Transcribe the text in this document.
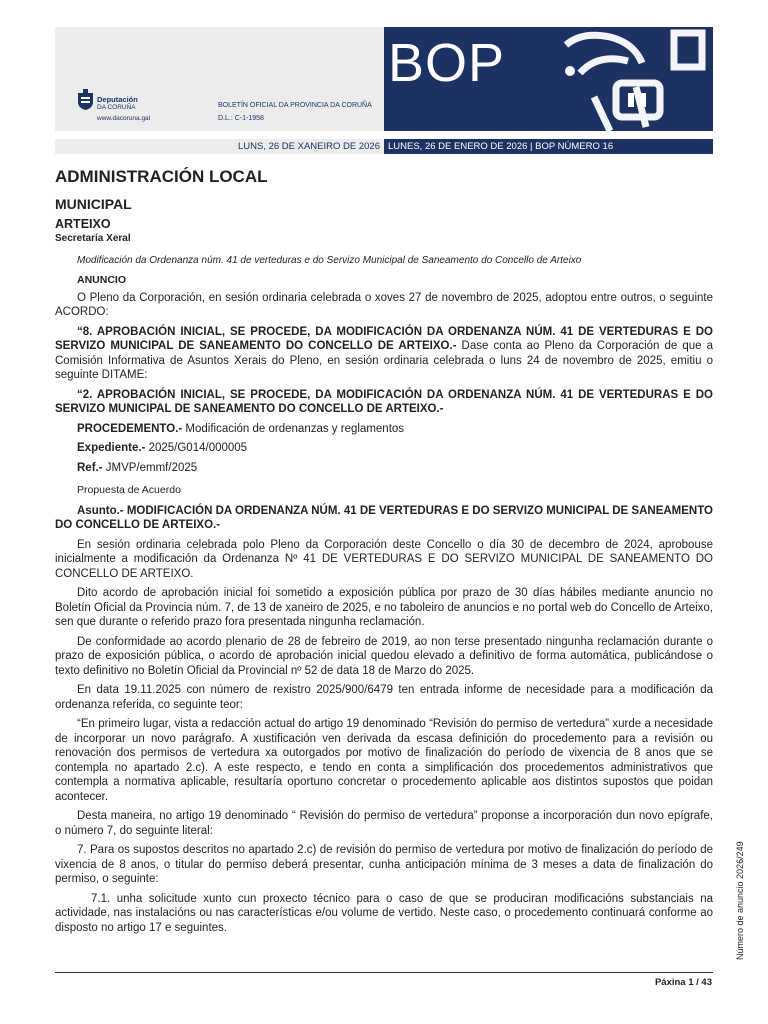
BOP
Deputación
DA CORUÑA
www.dacoruna.gal
BOLETÍN OFICIAL DA PROVINCIA DA CORUÑA BOLETÍN OFICIAL DE LA PROVINCIA DE A CORUÑA
D.L.: C-1-1958
LUNS, 26 DE XANEIRO DE 2026 LUNES, 26 DE ENERO DE 2026 | BOP NÚMERO 16
ADMINISTRACIÓN LOCAL
MUNICIPAL
ARTEIXO
Secretaría Xeral
Modificación da Ordenanza núm. 41 de verteduras e do Servizo Municipal de Saneamento do Concello de Arteixo
ANUNCIO

O Pleno da Corporación, en sesión ordinaria celebrada o xoves 27 de novembro de 2025, adoptou entre outros, o seguinte ACORDO:

“8. APROBACIÓN INICIAL, SE PROCEDE, DA MODIFICACIÓN DA ORDENANZA NÚM. 41 DE VERTEDURAS E DO SERVIZO MUNICIPAL DE SANEAMENTO DO CONCELLO DE ARTEIXO.- Dase conta ao Pleno da Corporación de que a Comisión Informativa de Asuntos Xerais do Pleno, en sesión ordinaria celebrada o luns 24 de novembro de 2025, emitiu o seguinte DITAME:

“2. APROBACIÓN INICIAL, SE PROCEDE, DA MODIFICACIÓN DA ORDENANZA NÚM. 41 DE VERTEDURAS E DO SERVIZO MUNICIPAL DE SANEAMENTO DO CONCELLO DE ARTEIXO.-

PROCEDEMENTO.- Modificación de ordenanzas y reglamentos

Expediente.- 2025/G014/000005

Ref.- JMVP/emmf/2025

Propuesta de Acuerdo

Asunto.- MODIFICACIÓN DA ORDENANZA NÚM. 41 DE VERTEDURAS E DO SERVIZO MUNICIPAL DE SANEAMENTO DO CONCELLO DE ARTEIXO.-

En sesión ordinaria celebrada polo Pleno da Corporación deste Concello o día 30 de decembro de 2024, aprobouse inicialmente a modificación da Ordenanza Nº 41 DE VERTEDURAS E DO SERVIZO MUNICIPAL DE SANEAMENTO DO CONCELLO DE ARTEIXO.

Dito acordo de aprobación inicial foi sometido a exposición pública por prazo de 30 días hábiles mediante anuncio no Boletín Oficial da Provincia núm. 7, de 13 de xaneiro de 2025, e no taboleiro de anuncios e no portal web do Concello de Arteixo, sen que durante o referido prazo fora presentada ningunha reclamación.

De conformidade ao acordo plenario de 28 de febreiro de 2019, ao non terse presentado ningunha reclamación durante o prazo de exposición pública, o acordo de aprobación inicial quedou elevado a definitivo de forma automática, publicándose o texto definitivo no Boletín Oficial da Provincial nº 52 de data 18 de Marzo do 2025.

En data 19.11.2025 con número de rexistro 2025/900/6479 ten entrada informe de necesidade para a modificación da ordenanza referida, co seguinte teor:

“En primeiro lugar, vista a redacción actual do artigo 19 denominado “Revisión do permiso de vertedura” xurde a necesidade de incorporar un novo parágrafo. A xustificación ven derivada da escasa definición do procedemento para a revisión ou renovación dos permisos de vertedura xa outorgados por motivo de finalización do período de vixencia de 8 anos que se contempla no apartado 2.c). A este respecto, e tendo en conta a simplificación dos procedementos administrativos que contempla a normativa aplicable, resultaría oportuno concretar o procedemento aplicable aos distintos supostos que poidan acontecer.

Desta maneira, no artigo 19 denominado “ Revisión do permiso de vertedura” proponse a incorporación dun novo epígrafe, o número 7, do seguinte literal:

7. Para os supostos descritos no apartado 2.c) de revisión do permiso de vertedura por motivo de finalización do período de vixencia de 8 anos, o titular do permiso deberá presentar, cunha anticipación mínima de 3 meses a data de finalización do permiso, o seguinte:

7.1. unha solicitude xunto cun proxecto técnico para o caso de que se produciran modificacións substanciais na actividade, nas instalacións ou nas características e/ou volume de vertido. Neste caso, o procedemento continuará conforme ao disposto no artigo 17 e seguintes.

Páxina 1 / 43
Número de anuncio 2026/249
